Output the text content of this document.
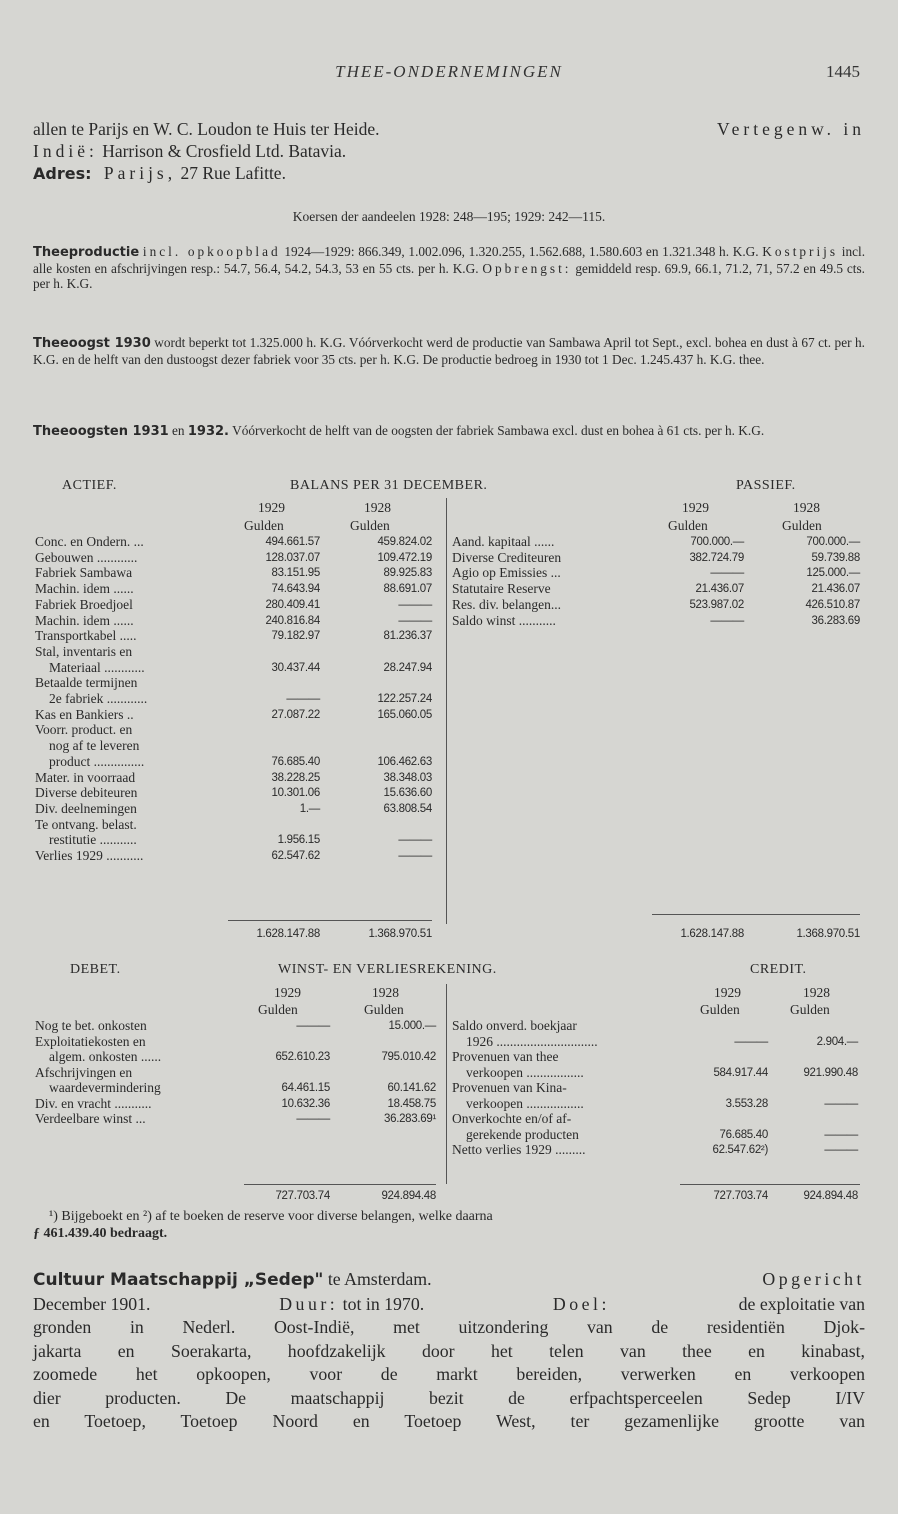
THEE-ONDERNEMINGEN	1445
allen te Parijs en W. C. Loudon te Huis ter Heide.	Vertegenw. in
Indië: Harrison & Crosfield Ltd. Batavia.
Adres: Parijs, 27 Rue Lafitte.
Koersen der aandeelen 1928: 248—195; 1929: 242—115.
Theeproductie incl. opkoopblad 1924—1929: 866.349, 1.002.096, 1.320.255, 1.562.688, 1.580.603 en 1.321.348 h. K.G. Kostprijs incl. alle kosten en afschrijvingen resp.: 54.7, 56.4, 54.2, 54.3, 53 en 55 cts. per h. K.G. Opbrengst: gemiddeld resp. 69.9, 66.1, 71.2, 71, 57.2 en 49.5 cts. per h. K.G.
Theeoogst 1930 wordt beperkt tot 1.325.000 h. K.G. Vóórverkocht werd de productie van Sambawa April tot Sept., excl. bohea en dust à 67 ct. per h. K.G. en de helft van den dustoogst dezer fabriek voor 35 cts. per h. K.G. De productie bedroeg in 1930 tot 1 Dec. 1.245.437 h. K.G. thee.
Theeoogsten 1931 en 1932. Vóórverkocht de helft van de oogsten der fabriek Sambawa excl. dust en bohea à 61 cts. per h. K.G.
ACTIEF.	BALANS PER 31 DECEMBER.	PASSIEF.
1929	1928
Gulden	Gulden
1929	1928
Gulden	Gulden
1.628.147.88	1.368.970.51	1.628.147.88	1.368.970.51
DEBET.	WINST- EN VERLIESREKENING.	CREDIT.
1929	1928
Gulden	Gulden
1929	1928
Gulden	Gulden
727.703.74	924.894.48	727.703.74	924.894.48
¹) Bijgeboekt en ²) af te boeken de reserve voor diverse belangen, welke daarna
ƒ 461.439.40 bedraagt.
Cultuur Maatschappij „Sedep" te Amsterdam.	Opgericht
December 1901.	Duur: tot in 1970.	Doel:	de exploitatie van
gronden in Nederl. Oost-Indië, met uitzondering van de residentiën Djok-
jakarta en Soerakarta, hoofdzakelijk door het telen van thee en kinabast,
zoomede het opkoopen, voor de markt bereiden, verwerken en verkoopen
dier producten. De maatschappij bezit de erfpachtsperceelen Sedep I/IV
en Toetoep, Toetoep Noord en Toetoep West, ter gezamenlijke grootte van
Conc. en Ondern. ...	494.661.57	459.824.02
Gebouwen ............	128.037.07	109.472.19
Fabriek Sambawa	83.151.95	89.925.83
Machin. idem ......	74.643.94	88.691.07
Fabriek Broedjoel	280.409.41	———
Machin. idem ......	240.816.84	———
Transportkabel .....	79.182.97	81.236.37
Stal, inventaris en
Materiaal ............	30.437.44	28.247.94
Betaalde termijnen
2e fabriek ............	———	122.257.24
Kas en Bankiers ..	27.087.22	165.060.05
Voorr. product. en
nog af te leveren
product ...............	76.685.40	106.462.63
Mater. in voorraad	38.228.25	38.348.03
Diverse debiteuren	10.301.06	15.636.60
Div. deelnemingen	1.—	63.808.54
Te ontvang. belast.
restitutie ...........	1.956.15	———
Verlies 1929 ...........	62.547.62	———
Aand. kapitaal ......	700.000.—	700.000.—
Diverse Crediteuren	382.724.79	59.739.88
Agio op Emissies ...	———	125.000.—
Statutaire Reserve	21.436.07	21.436.07
Res. div. belangen...	523.987.02	426.510.87
Saldo winst ...........	———	36.283.69
Nog te bet. onkosten	———	15.000.—
Exploitatiekosten en
algem. onkosten ......	652.610.23	795.010.42
Afschrijvingen en
waardevermindering	64.461.15	60.141.62
Div. en vracht ...........	10.632.36	18.458.75
Verdeelbare winst ...	———	36.283.69¹
Saldo onverd. boekjaar
1926 ..............................	———	2.904.—
Provenuen van thee
verkoopen .................	584.917.44	921.990.48
Provenuen van Kina-
verkoopen .................	3.553.28	———
Onverkochte en/of af-
gerekende producten	76.685.40	———
Netto verlies 1929 .........	62.547.62²)	———
